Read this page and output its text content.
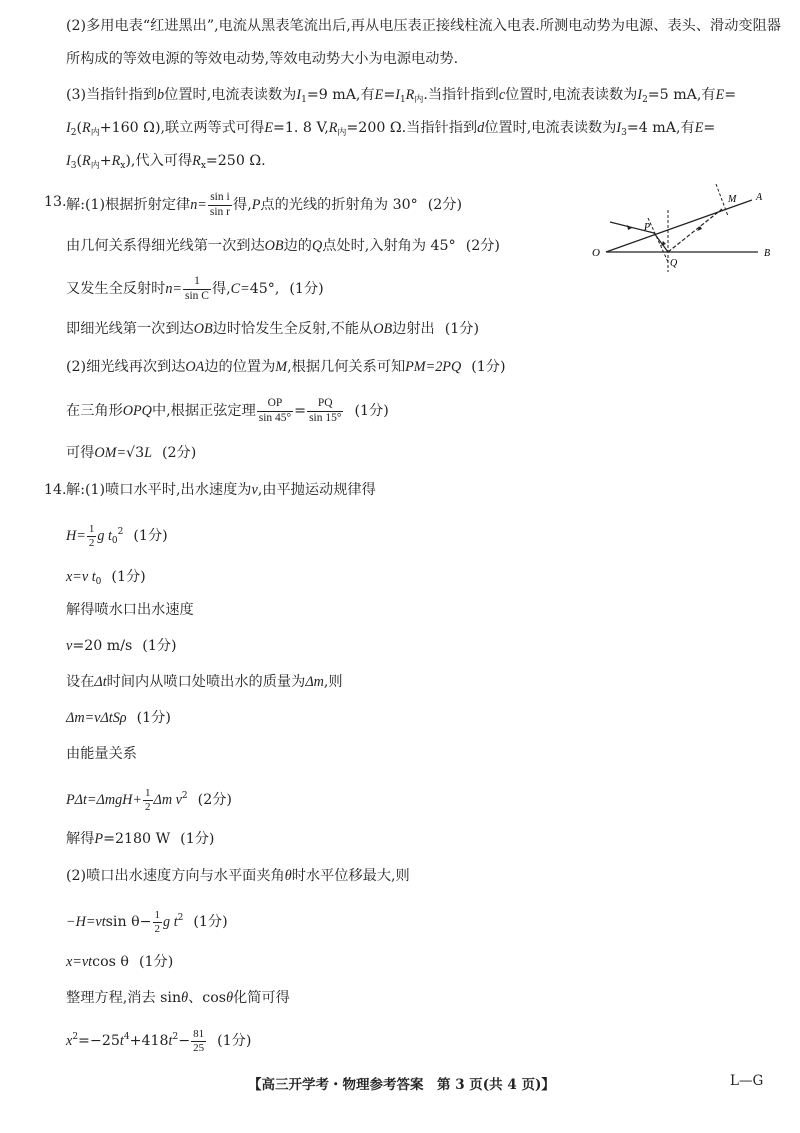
(2)多用电表“红进黑出”,电流从黑表笔流出后,再从电压表正接线柱流入电表.所测电动势为电源、表头、滑动变阻器
所构成的等效电源的等效电动势,等效电动势大小为电源电动势.
(3)当指针指到b位置时,电流表读数为$I_1=9$ mA,有$E=I_1R_内$.当指针指到c位置时,电流表读数为$I_2=5$ mA,有E=
$I_2(R_内+160$ Ω),联立两等式可得E=1. 8 $V,R_内=200$ Ω.当指针指到d位置时,电流表读数为$I_3=4$ mA,有E=
$I_3(R_内+R_x)$,代入可得$R_x=250$ Ω.
13. 解:(1)根据折射定律$n= \frac{\text{sin i}}{\text{sin r}}$ 得,P点的光线的折射角为 30° (2分)
由几何关系得细光线第一次到达OB边的Q点处时,入射角为 45° (2分)
又发生全反射时$n= \frac{1}{\text{sin C}}$ 得,C=45°, (1分)
即细光线第一次到达OB边时恰发生全反射,不能从OB边射出 (1分)
(2)细光线再次到达OA边的位置为M,根据几何关系可知PM=2PQ (1分)
在三角形OPQ中,根据正弦定理 $\frac{OP}{\sin 45^\circ} = \frac{PQ}{\sin 15^\circ} (1$分)
可得OM=√3L (2分)
O
P
Q
M A
B
14. 解:(1)喷口水平时,出水速度为v,由平抛运动规律得
$H= \frac{1}{2}$ g $t_0^2$ (1分)
x=v $t_0$ (1分)
解得喷水口出水速度
v=20 m/s (1分)
设在Δt时间内从喷口处喷出水的质量为Δm,则
Δm=vΔtSρ (1分)
由能量关系
$P\Delta t=\Delta mgH+ \frac{1}{2}$ Δm $v^2$ (2分)
解得P=2180 W (1分)
(2)喷口出水速度方向与水平面夹角θ时水平位移最大,则
−H=vtsin $\theta- \frac{1}{2}$ g $t^2$ (1分)
x=vtcos θ (1分)
整理方程,消去 sinθ、cosθ化简可得
$x^2=-25t^4+418t^2- \frac{81}{25} (1$分)
【高三开学考・物理参考答案　第 3 页(共 4 页)】	L—G
